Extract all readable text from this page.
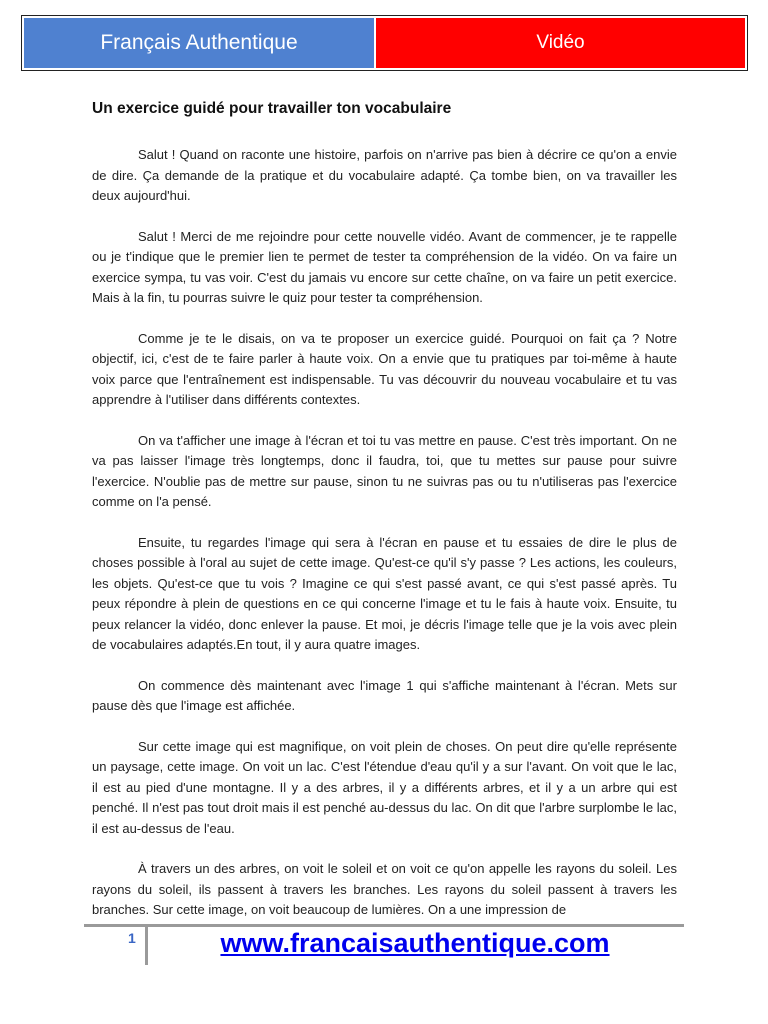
Français Authentique	Vidéo
Un exercice guidé pour travailler ton vocabulaire

Salut ! Quand on raconte une histoire, parfois on n'arrive pas bien à décrire ce qu'on a envie de dire. Ça demande de la pratique et du vocabulaire adapté. Ça tombe bien, on va travailler les deux aujourd'hui.

Salut ! Merci de me rejoindre pour cette nouvelle vidéo. Avant de commencer, je te rappelle ou je t'indique que le premier lien te permet de tester ta compréhension de la vidéo. On va faire un exercice sympa, tu vas voir. C'est du jamais vu encore sur cette chaîne, on va faire un petit exercice. Mais à la fin, tu pourras suivre le quiz pour tester ta compréhension.

Comme je te le disais, on va te proposer un exercice guidé. Pourquoi on fait ça ? Notre objectif, ici, c'est de te faire parler à haute voix. On a envie que tu pratiques par toi-même à haute voix parce que l'entraînement est indispensable. Tu vas découvrir du nouveau vocabulaire et tu vas apprendre à l'utiliser dans différents contextes.

On va t'afficher une image à l'écran et toi tu vas mettre en pause. C'est très important. On ne va pas laisser l'image très longtemps, donc il faudra, toi, que tu mettes sur pause pour suivre l'exercice. N'oublie pas de mettre sur pause, sinon tu ne suivras pas ou tu n'utiliseras pas l'exercice comme on l'a pensé.

Ensuite, tu regardes l'image qui sera à l'écran en pause et tu essaies de dire le plus de choses possible à l'oral au sujet de cette image. Qu'est-ce qu'il s'y passe ? Les actions, les couleurs, les objets. Qu'est-ce que tu vois ? Imagine ce qui s'est passé avant, ce qui s'est passé après. Tu peux répondre à plein de questions en ce qui concerne l'image et tu le fais à haute voix. Ensuite, tu peux relancer la vidéo, donc enlever la pause. Et moi, je décris l'image telle que je la vois avec plein de vocabulaires adaptés.En tout, il y aura quatre images.

On commence dès maintenant avec l'image 1 qui s'affiche maintenant à l'écran. Mets sur pause dès que l'image est affichée.

Sur cette image qui est magnifique, on voit plein de choses. On peut dire qu'elle représente un paysage, cette image. On voit un lac. C'est l'étendue d'eau qu'il y a sur l'avant. On voit que le lac, il est au pied d'une montagne. Il y a des arbres, il y a différents arbres, et il y a un arbre qui est penché. Il n'est pas tout droit mais il est penché au-dessus du lac. On dit que l'arbre surplombe le lac, il est au-dessus de l'eau.

À travers un des arbres, on voit le soleil et on voit ce qu'on appelle les rayons du soleil. Les rayons du soleil, ils passent à travers les branches. Les rayons du soleil passent à travers les branches. Sur cette image, on voit beaucoup de lumières. On a une impression de

1	www.francaisauthentique.com
